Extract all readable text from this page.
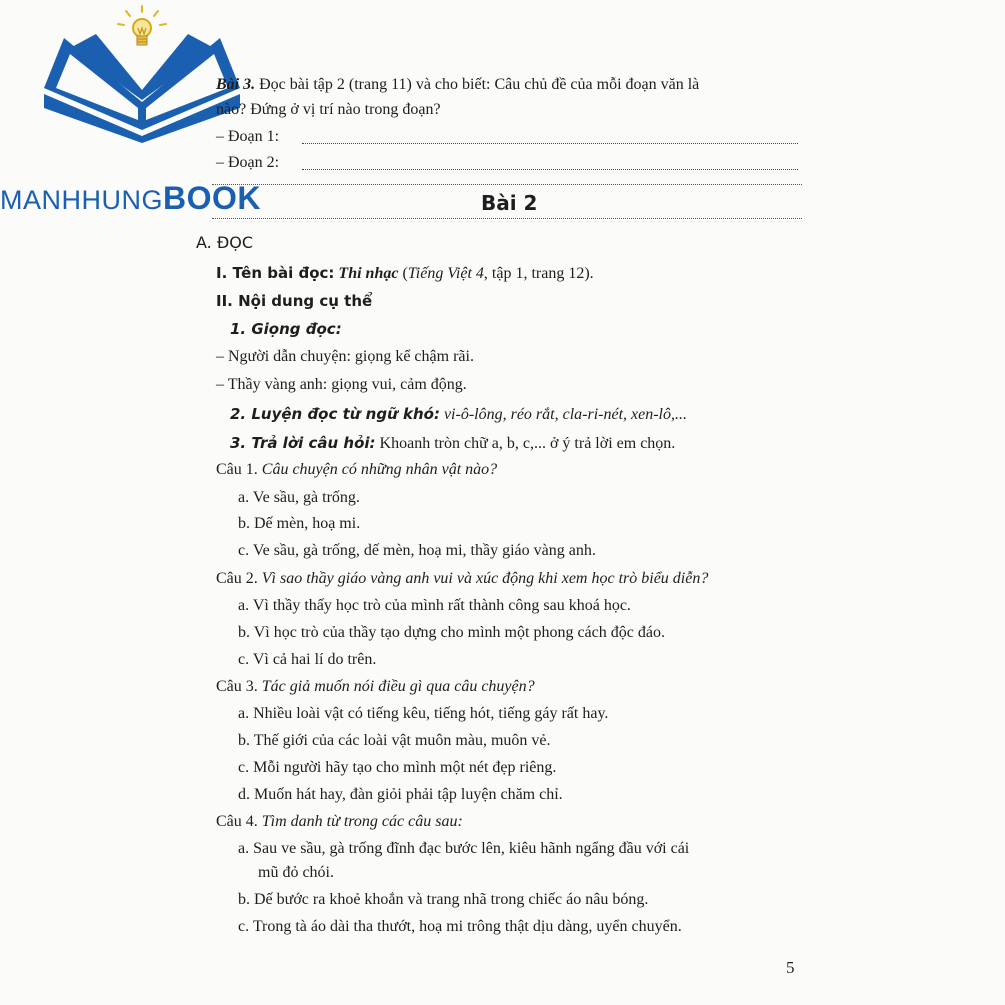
MANHHUNGBOOK
Bài 3. Đọc bài tập 2 (trang 11) và cho biết: Câu chủ đề của mỗi đoạn văn là
nào? Đứng ở vị trí nào trong đoạn?
– Đoạn 1:
– Đoạn 2:
Bài 2
A. ĐỌC
I. Tên bài đọc: Thi nhạc (Tiếng Việt 4, tập 1, trang 12).
II. Nội dung cụ thể
1. Giọng đọc:
– Người dẫn chuyện: giọng kể chậm rãi.
– Thầy vàng anh: giọng vui, cảm động.
2. Luyện đọc từ ngữ khó: vi-ô-lông, réo rắt, cla-ri-nét, xen-lô,...
3. Trả lời câu hỏi: Khoanh tròn chữ a, b, c,... ở ý trả lời em chọn.
Câu 1. Câu chuyện có những nhân vật nào?
a. Ve sầu, gà trống.
b. Dế mèn, hoạ mi.
c. Ve sầu, gà trống, dế mèn, hoạ mi, thầy giáo vàng anh.
Câu 2. Vì sao thầy giáo vàng anh vui và xúc động khi xem học trò biểu diễn?
a. Vì thầy thấy học trò của mình rất thành công sau khoá học.
b. Vì học trò của thầy tạo dựng cho mình một phong cách độc đáo.
c. Vì cả hai lí do trên.
Câu 3. Tác giả muốn nói điều gì qua câu chuyện?
a. Nhiều loài vật có tiếng kêu, tiếng hót, tiếng gáy rất hay.
b. Thế giới của các loài vật muôn màu, muôn vẻ.
c. Mỗi người hãy tạo cho mình một nét đẹp riêng.
d. Muốn hát hay, đàn giỏi phải tập luyện chăm chỉ.
Câu 4. Tìm danh từ trong các câu sau:
a. Sau ve sầu, gà trống đĩnh đạc bước lên, kiêu hãnh ngẩng đầu với cái
mũ đỏ chói.
b. Dế bước ra khoẻ khoắn và trang nhã trong chiếc áo nâu bóng.
c. Trong tà áo dài tha thướt, hoạ mi trông thật dịu dàng, uyển chuyển.
5
